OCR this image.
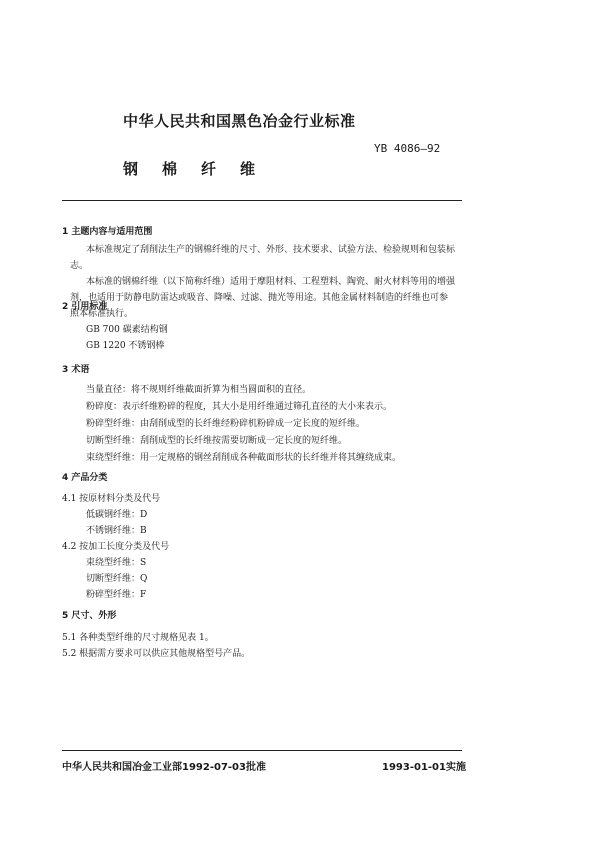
中华人民共和国黑色冶金行业标准
YB 4086—92
钢棉纤维
1 主题内容与适用范围

本标准规定了刮削法生产的钢棉纤维的尺寸、外形、技术要求、试验方法、检验规则和包装标志。

本标准的钢棉纤维（以下简称纤维）适用于摩阻材料、工程塑料、陶瓷、耐火材料等用的增强剂，也适用于防静电防雷达或吸音、降噪、过滤、抛光等用途。其他金属材料制造的纤维也可参照本标准执行。

2 引用标准
GB 700 碳素结构钢
GB 1220 不锈钢棒
3 术语
当量直径：将不规则纤维截面折算为相当圆面积的直径。
粉碎度：表示纤维粉碎的程度，其大小是用纤维通过筛孔直径的大小来表示。
粉碎型纤维：由刮削成型的长纤维经粉碎机粉碎成一定长度的短纤维。
切断型纤维：刮削成型的长纤维按需要切断成一定长度的短纤维。
束绕型纤维：用一定规格的钢丝刮削成各种截面形状的长纤维并将其缠绕成束。
4 产品分类
4.1 按原材料分类及代号
低碳钢纤维：D
不锈钢纤维：B
4.2 按加工长度分类及代号
束绕型纤维：S
切断型纤维：Q
粉碎型纤维：F
5 尺寸、外形
5.1 各种类型纤维的尺寸规格见表 1。
5.2 根据需方要求可以供应其他规格型号产品。
中华人民共和国冶金工业部1992-07-03批准	1993-01-01实施
